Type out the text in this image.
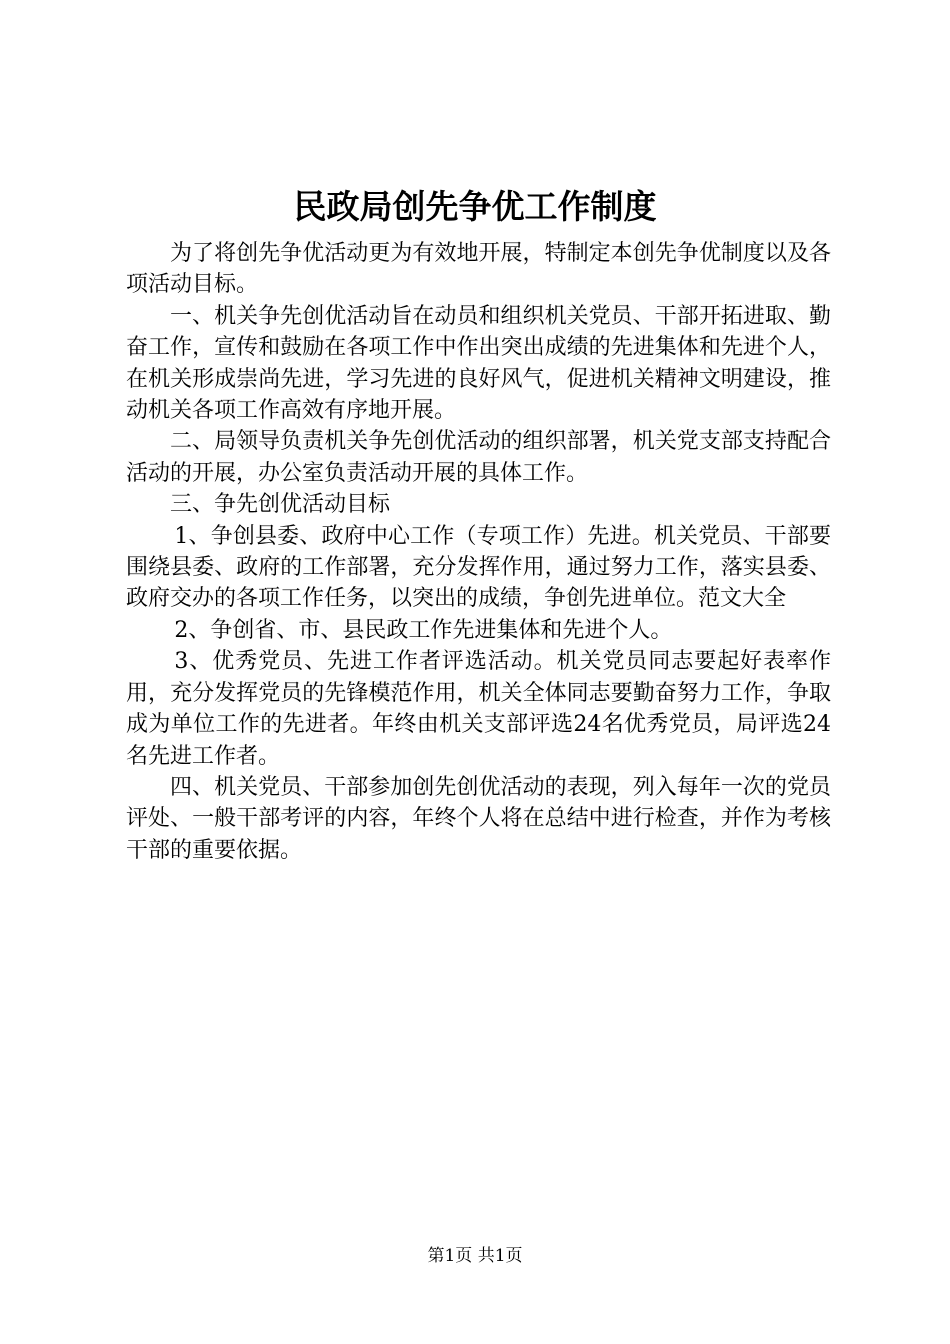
民政局创先争优工作制度

为了将创先争优活动更为有效地开展，特制定本创先争优制度以及各项活动目标。

一、机关争先创优活动旨在动员和组织机关党员、干部开拓进取、勤奋工作，宣传和鼓励在各项工作中作出突出成绩的先进集体和先进个人，在机关形成崇尚先进，学习先进的良好风气，促进机关精神文明建设，推动机关各项工作高效有序地开展。

二、局领导负责机关争先创优活动的组织部署，机关党支部支持配合活动的开展，办公室负责活动开展的具体工作。

三、争先创优活动目标

1、争创县委、政府中心工作（专项工作）先进。机关党员、干部要围绕县委、政府的工作部署，充分发挥作用，通过努力工作，落实县委、政府交办的各项工作任务，以突出的成绩，争创先进单位。范文大全

2、争创省、市、县民政工作先进集体和先进个人。

3、优秀党员、先进工作者评选活动。机关党员同志要起好表率作用，充分发挥党员的先锋模范作用，机关全体同志要勤奋努力工作，争取成为单位工作的先进者。年终由机关支部评选24名优秀党员，局评选24名先进工作者。

四、机关党员、干部参加创先创优活动的表现，列入每年一次的党员评处、一般干部考评的内容，年终个人将在总结中进行检查，并作为考核干部的重要依据。

第1页 共1页
